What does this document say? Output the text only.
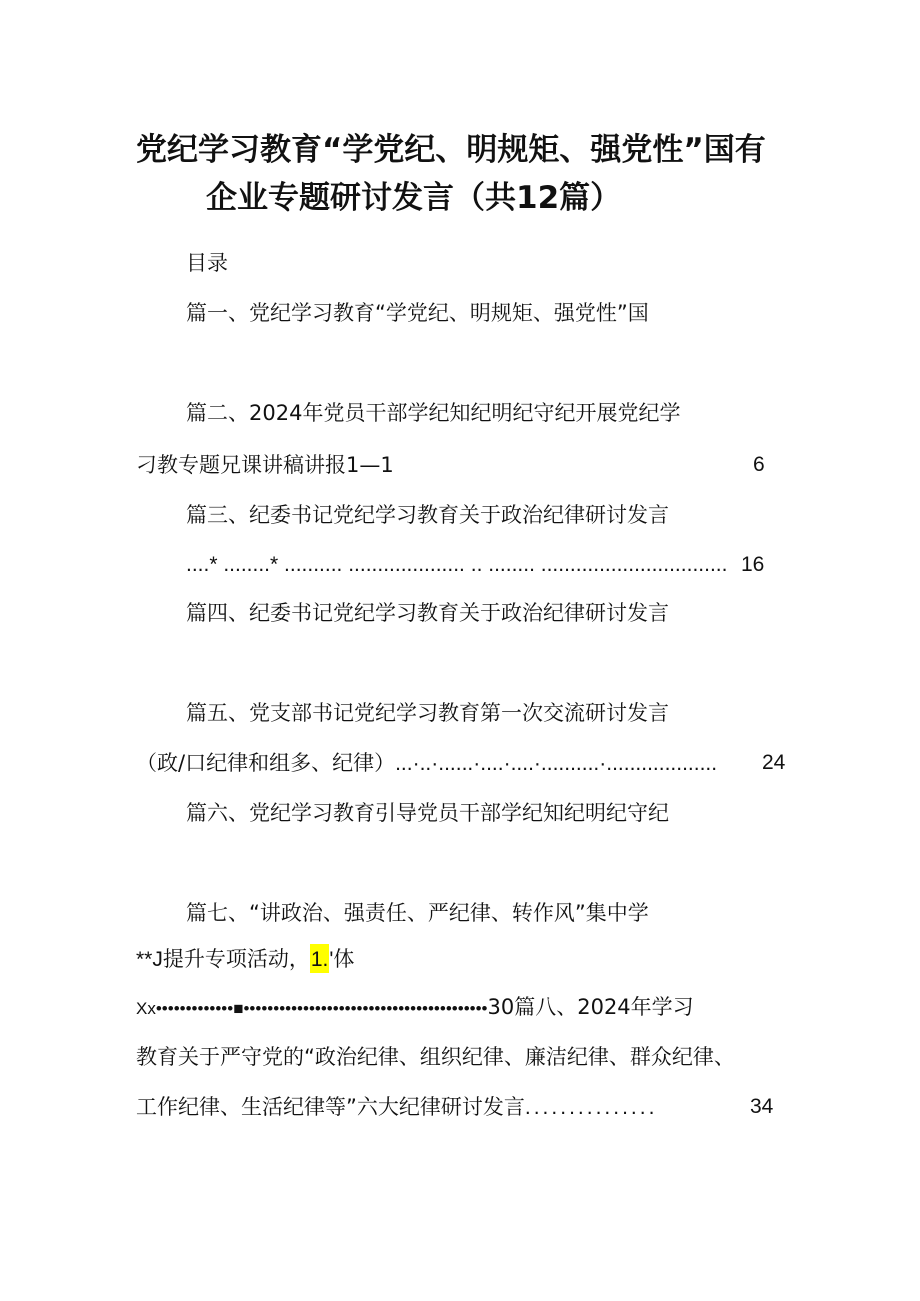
党纪学习教育“学党纪、明规矩、强党性”国有
企业专题研讨发言（共12篇）
目录
篇一、党纪学习教育“学党纪、明规矩、强党性”国
篇二、2024年党员干部学纪知纪明纪守纪开展党纪学
刁教专题兄课讲稿讲报1—1	6
篇三、纪委书记党纪学习教育关于政治纪律研讨发言
....* ........* .......... .................... .. ........ ................................ 16
篇四、纪委书记党纪学习教育关于政治纪律研讨发言
篇五、党支部书记党纪学习教育第一次交流研讨发言
（政/口纪律和组多、纪律）...·..·......·....·....·..........·................... 24
篇六、党纪学习教育引导党员干部学纪知纪明纪守纪
篇七、“讲政治、强责任、严纪律、转作风”集中学
**J提升专项活动，1.'体
Xx•••••••••••••■•••••••••••••••••••••••••••••••••••••••••30篇八、2024年学习
教育关于严守党的“政治纪律、组织纪律、廉洁纪律、群众纪律、
工作纪律、生活纪律等”六大纪律研讨发言...............	34
